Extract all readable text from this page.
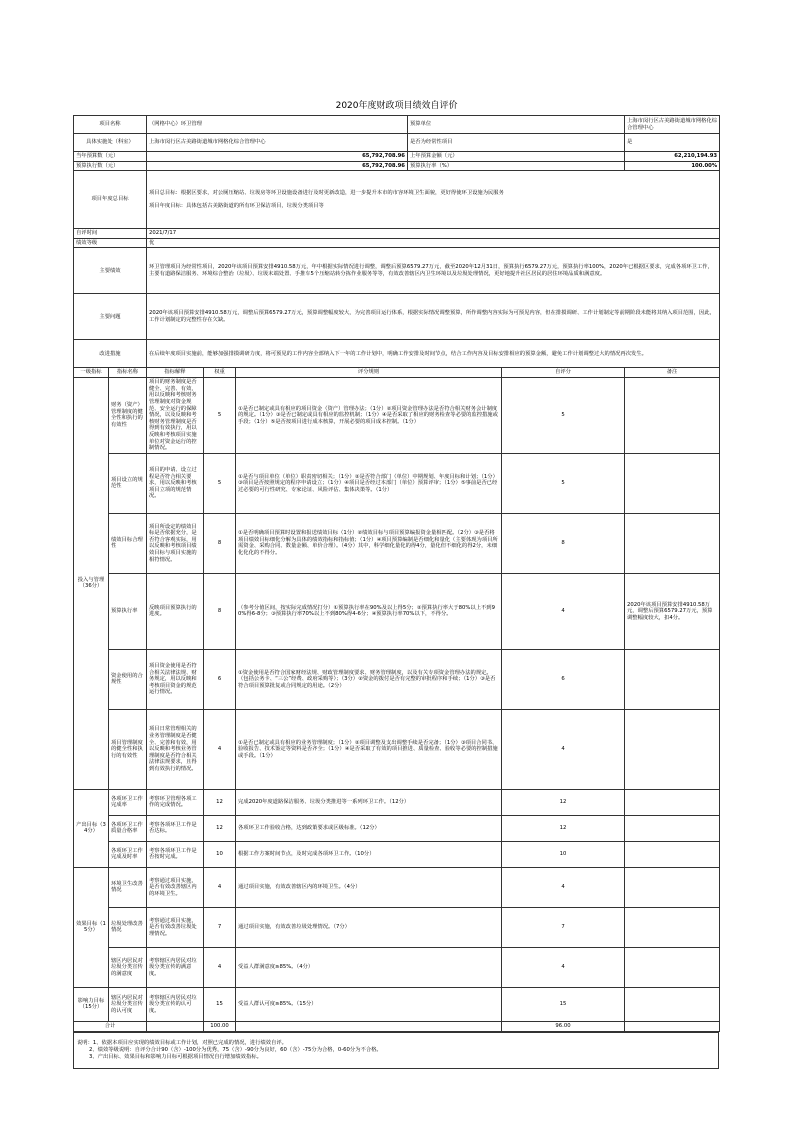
2020年度财政项目绩效自评价							
项目名称		（网格中心）环卫管理			预算单位		上海市闵行区古美路街道城市网格化综合管理中心
具体实施处（科室）		上海市闵行区古美路街道城市网格化综合管理中心			是否为经常性项目		是
当年预算数（元）		65,792,708.96			上年预算金额（元）		62,210,194.93
预算执行数（元）		65,792,708.96			预算执行率（%）		100.00%
项目年度总目标		项目总目标：根据区要求，对公厕压缩站、垃圾房等环卫设施设备进行及时更新改造，进一步提升本市的市容环境卫生面貌，更好得使环卫设施为民服务
项目年度目标：具体包括古美路街道的所有环卫保洁项目，垃圾分类项目等					

自评时间		2021/7/17					
绩效等级		优					
主要绩效		环卫管理项目为经常性项目，2020年该项目预算安排4910.58万元，年中根据实际情况进行调整，调整后预算6579.27万元，截至2020年12月31日，预算执行6579.27万元，预算执行率100%，2020年已根据区要求，完成各项环卫工作，主要有道路保洁服务、环境综合整治（垃圾）、垃圾末端处置、手推车5个压缩站转分拣作业服务等等，有效改善辖区内卫生环境以及垃圾处理情况，更好地提升社区居民的居住环境品质和满意度。					
主要问题		2020年该项目预算安排4910.58万元，调整后预算6579.27万元，预算调整幅度较大，为完善项目运行体系，根据实际情况调整预算，所作调整内容实际为可预见内容，但在排摸调研、工作计划制定等前期阶段未能将其纳入项目范围，因此，工作计划制定的完整性存在欠缺。					
改进措施		在后续年度项目实施前，能够加强排摸调研力度，将可预见的工作内容全部纳入下一年的工作计划中，明确工作安排及时间节点，结合工作内容及目标安排相应的预算金额，避免工作计划调整过大的情况再次发生。					
一级指标	指标名称	指标解释	权重	评分规则		自评分	备注
投入与管理（36分）	财务（资产）管理制度的健全性和执行的有效性	项目的财务制度是否健全、完善、有效，用以反映和考核财务管理制度对资金规范、安全运行的保障情况，以及反映和考核财务管理制度是否得到有效执行，用以反映和考核项目实施单位对资金运行的控制情况。	5	①是否已制定或具有相应的项目资金（资产）管理办法；（1分）②项目资金管理办法是否符合相关财务会计制度的规定。（1分）③是否已制定或具有相应的监控机制；（1分）④是否采取了相应的财务检查等必要的监控措施或手段；（1分）⑤是否按项目进行成本核算，开展必要的项目成本控制。（1分）		5	
	项目设立的规范性	项目的申请、设立过程是否符合相关要求，用以反映和考核项目立项的规范情况。	5	①是否与项目单位（单位）职责密切相关；（1分）②是否符合部门（单位）中期规划、年度目标和计划；（1分）③项目是否按照规定的程序申请设立；（1分）④项目是否经过本部门（单位）预算评审；（1分）⑤事前是否已经过必要的可行性研究、专家论证、风险评估、集体决策等。（1分）		5	
	绩效目标合理性	项目所设定的绩效目标是否依据充分，是否符合客观实际，用以反映和考核项目绩效目标与项目实施的相符情况。	8	①是否明确项目预算时设置和报送绩效目标（1分）②绩效目标与项目预算编报资金量相匹配。（2分）③是否将项目绩效目标细化分解为具体的绩效指标和指标值；（1分）④项目预算编制是否细化和量化（主要体现为项目所需资金、采购合同、数量金额、单价合理）。（4分）其中，科学细化量化的得4分，量化但不细化的得2分，未细化化化的不得分。		8	
	预算执行率	反映项目预算执行的进度。	8	（参考分值区间，按实际完成情况打分）①预算执行率在90%及以上得5分；②预算执行率大于80%以上不到90%得6-8分；③预算执行率70%以上不到80%得4-6分；④预算执行率70%以下，不得分。		4	2020年该项目预算安排4910.58万元，调整后预算6579.27万元，预算调整幅度较大，扣4分。
	资金使用的合规性	项目资金使用是否符合相关法律法规、财务规定，用以反映和考核项目资金的规范运行情况。	6	①资金使用是否符合国家财经法规、财政管理制度要求、财务管理制度，以及有关专项资金管理办法的规定。（包括公务卡、“三公”经费、政府采购等）；（3分）②资金的拨付是否有完整的审批程序和手续；（1分）③是否符合项目预算批复或合同规定的用途。（2分）		6	
	项目管理制度的健全性和执行的有效性	项目日常管理相关的业务管理制度是否健全、完善和有效，用以反映和考核业务管理制度是否符合相关法律法规要求，且得到有效执行的情况。	4	①是否已制定或具有相应的业务管理制度；（1分）②项目调整及支出调整手续是否完备；（1分）③项目合同书、验收报告、技术鉴定等资料是否齐全；（1分）④是否采取了有效的项目推进、质量检查、验收等必要的控制措施或手段。（1分）		4	
产出目标（34分）	各项环卫工作完成率	考察环卫管理各项工作的完成情况。	12	完成2020年度道路保洁服务、垃圾分类推进等一系列环卫工作。（12分）		12	
	各项环卫工作质量合格率	考察各项环卫工作是否达标。	12	各项环卫工作验收合格，达到政策要求或区级标准。（12分）		12	
	各项环卫工作完成及时率	考察各项环卫工作是否按时完成。	10	根据工作方案时间节点，及时完成各项环卫工作。（10分）		10	
效果目标（15分）	环境卫生改善情况	考察通过项目实施，是否有效改善辖区内的环境卫生。	4	通过项目实施，有效改善辖区内的环境卫生。（4分）		4	
	垃圾处理改善情况	考察通过项目实施，是否有效改善垃圾处理情况。	7	通过项目实施，有效改善垃圾处理情况。（7分）		7	
	辖区内居民对垃圾分类宣传的满意度	考察辖区内居民对垃圾分类宣传的满意度。	4	受益人群满意度≥85%。（4分）		4	
影响力目标（15分）	辖区内居民对垃圾分类宣传的认可度	考察辖区内居民对垃圾分类宣传的认可度。	15	受益人群认可度≥85%。（15分）		15	
合计			100.00			96.00	
说明：1、依据本项目应实现的绩效目标或工作计划，对照已完成的情况，进行绩效自评。
2、绩效等级说明：自评分合计90（含）-100分为优秀，75（含）-90分为良好，60（含）-75分为合格，0-60分为不合格。
3、产出目标、效果目标和影响力目标可根据项目情况自行增加绩效指标。
